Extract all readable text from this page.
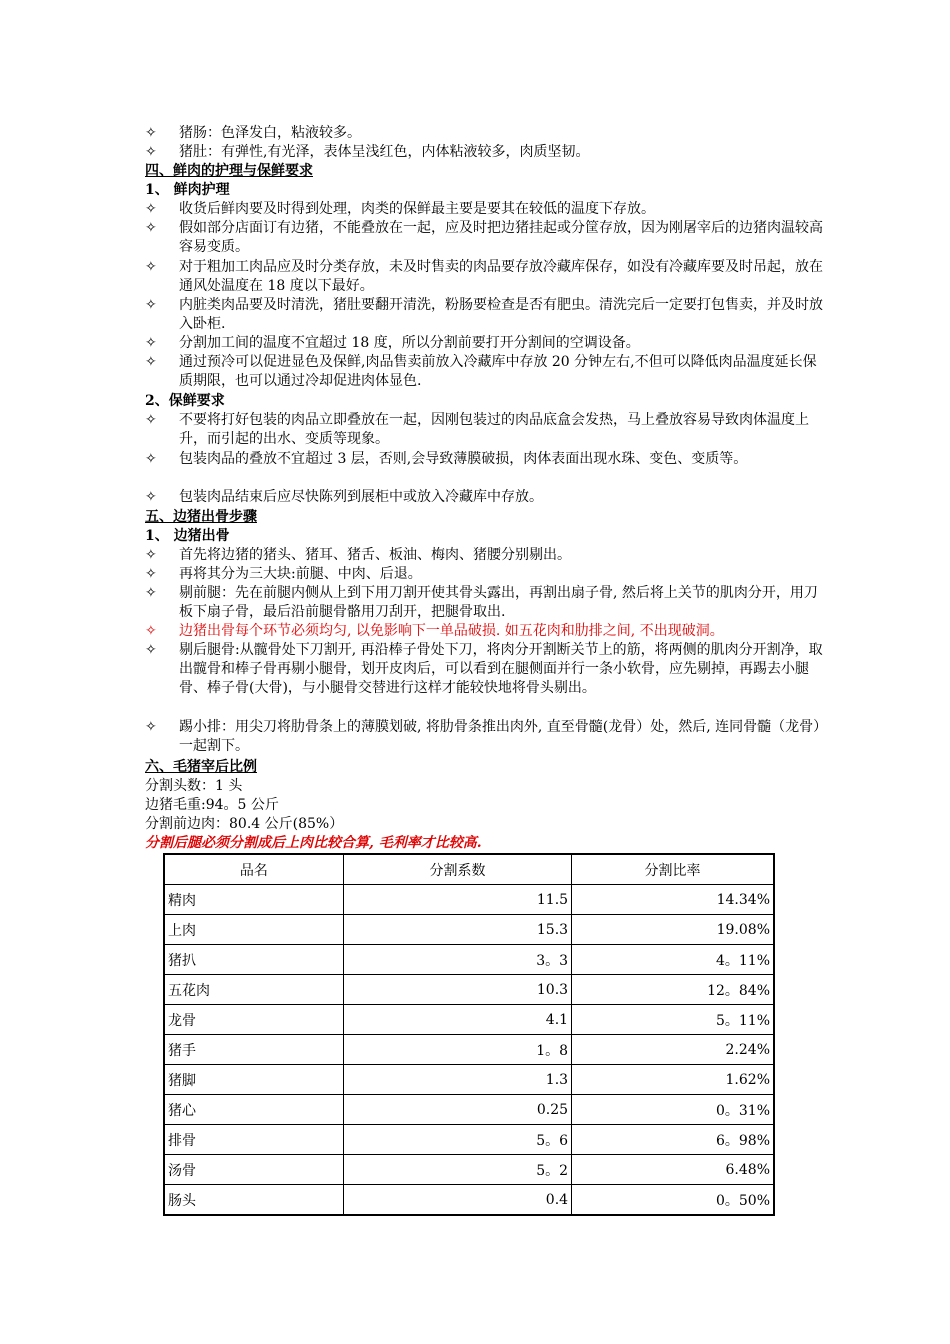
✧	猪肠：色泽发白，粘液较多。
✧	猪肚：有弹性,有光泽，表体呈浅红色，内体粘液较多，肉质坚韧。
四、鲜肉的护理与保鲜要求
1、 鲜肉护理
✧	收货后鲜肉要及时得到处理，肉类的保鲜最主要是要其在较低的温度下存放。
✧	假如部分店面订有边猪，不能叠放在一起，应及时把边猪挂起或分筐存放，因为刚屠宰后的边猪肉温较高容易变质。
✧	对于粗加工肉品应及时分类存放，未及时售卖的肉品要存放冷藏库保存，如没有冷藏库要及时吊起，放在通风处温度在 18 度以下最好。
✧	内脏类肉品要及时清洗，猪肚要翻开清洗，粉肠要检查是否有肥虫。清洗完后一定要打包售卖，并及时放入卧柜.
✧	分割加工间的温度不宜超过 18 度，所以分割前要打开分割间的空调设备。
✧	通过预冷可以促进显色及保鲜,肉品售卖前放入冷藏库中存放 20 分钟左右,不但可以降低肉品温度延长保质期限，也可以通过冷却促进肉体显色.
2、保鲜要求
✧	不要将打好包装的肉品立即叠放在一起，因刚包装过的肉品底盒会发热，马上叠放容易导致肉体温度上升，而引起的出水、变质等现象。
✧	包装肉品的叠放不宜超过 3 层，否则,会导致薄膜破损，肉体表面出现水珠、变色、变质等。
✧	包装肉品结束后应尽快陈列到展柜中或放入冷藏库中存放。
五、边猪出骨步骤
1、 边猪出骨
✧	首先将边猪的猪头、猪耳、猪舌、板油、梅肉、猪腰分别剔出。
✧	再将其分为三大块:前腿、中肉、后退。
✧	剔前腿：先在前腿内侧从上到下用刀割开使其骨头露出，再割出扇子骨, 然后将上关节的肌肉分开，用刀板下扇子骨，最后沿前腿骨骼用刀刮开，把腿骨取出.
✧	边猪出骨每个环节必须均匀, 以免影响下一单品破损. 如五花肉和肋排之间, 不出现破洞。
✧	剔后腿骨:从髋骨处下刀割开, 再沿棒子骨处下刀，将肉分开割断关节上的筋，将两侧的肌肉分开割净，取出髋骨和棒子骨再剔小腿骨，划开皮肉后，可以看到在腿侧面并行一条小软骨，应先剔掉，再踢去小腿骨、棒子骨(大骨)，与小腿骨交替进行这样才能较快地将骨头剔出。
✧	踢小排：用尖刀将肋骨条上的薄膜划破, 将肋骨条推出肉外, 直至骨髓(龙骨）处，然后, 连同骨髓（龙骨）一起割下。
六、毛猪宰后比例
分割头数：1 头
边猪毛重:94。5 公斤
分割前边肉：80.4 公斤(85%）
分割后腿必须分割成后上肉比较合算, 毛利率才比较高.
品名	分割系数	分割比率
精肉	11.5	14.34%
上肉	15.3	19.08%
猪扒	3。3	4。11%
五花肉	10.3	12。84%
龙骨	4.1	5。11%
猪手	1。8	2.24%
猪脚	1.3	1.62%
猪心	0.25	0。31%
排骨	5。6	6。98%
汤骨	5。2	6.48%
肠头	0.4	0。50%
